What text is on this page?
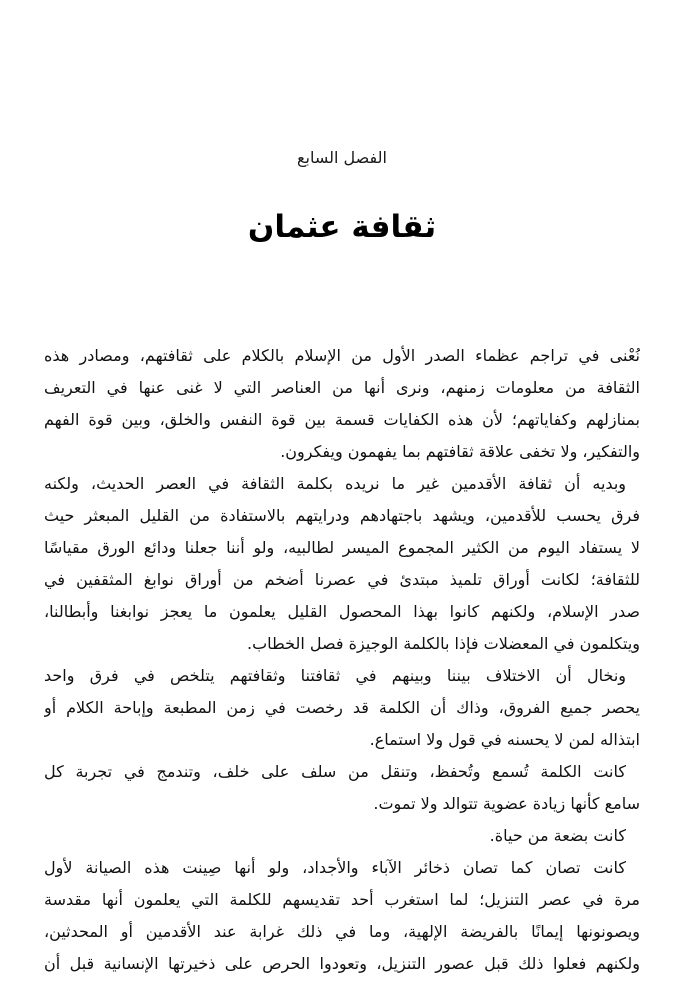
الفصل السابع
ثقافة عثمان
نُعْنى في تراجم عظماء الصدر الأول من الإسلام بالكلام على ثقافتهم، ومصادر هذه
الثقافة من معلومات زمنهم، ونرى أنها من العناصر التي لا غنى عنها في التعريف
بمنازلهم وكفاياتهم؛ لأن هذه الكفايات قسمة بين قوة النفس والخلق، وبين قوة الفهم
والتفكير، ولا تخفى علاقة ثقافتهم بما يفهمون ويفكرون.
وبديه أن ثقافة الأقدمين غير ما نريده بكلمة الثقافة في العصر الحديث، ولكنه
فرق يحسب للأقدمين، ويشهد باجتهادهم ودرايتهم بالاستفادة من القليل المبعثر حيث
لا يستفاد اليوم من الكثير المجموع الميسر لطالبيه، ولو أننا جعلنا ودائع الورق مقياسًا
للثقافة؛ لكانت أوراق تلميذ مبتدئ في عصرنا أضخم من أوراق نوابغ المثقفين في
صدر الإسلام، ولكنهم كانوا بهذا المحصول القليل يعلمون ما يعجز نوابغنا وأبطالنا،
ويتكلمون في المعضلات فإذا بالكلمة الوجيزة فصل الخطاب.
ونخال أن الاختلاف بيننا وبينهم في ثقافتنا وثقافتهم يتلخص في فرق واحد
يحصر جميع الفروق، وذاك أن الكلمة قد رخصت في زمن المطبعة وإباحة الكلام أو
ابتذاله لمن لا يحسنه في قول ولا استماع.
كانت الكلمة تُسمع وتُحفظ، وتنقل من سلف على خلف، وتندمج في تجربة كل
سامع كأنها زيادة عضوية تتوالد ولا تموت.
كانت بضعة من حياة.
كانت تصان كما تصان ذخائر الآباء والأجداد، ولو أنها صِينت هذه الصيانة لأول
مرة في عصر التنزيل؛ لما استغرب أحد تقديسهم للكلمة التي يعلمون أنها مقدسة
ويصونونها إيمانًا بالفريضة الإلهية، وما في ذلك غرابة عند الأقدمين أو المحدثين،
ولكنهم فعلوا ذلك قبل عصور التنزيل، وتعودوا الحرص على ذخيرتها الإنسانية قبل أن
